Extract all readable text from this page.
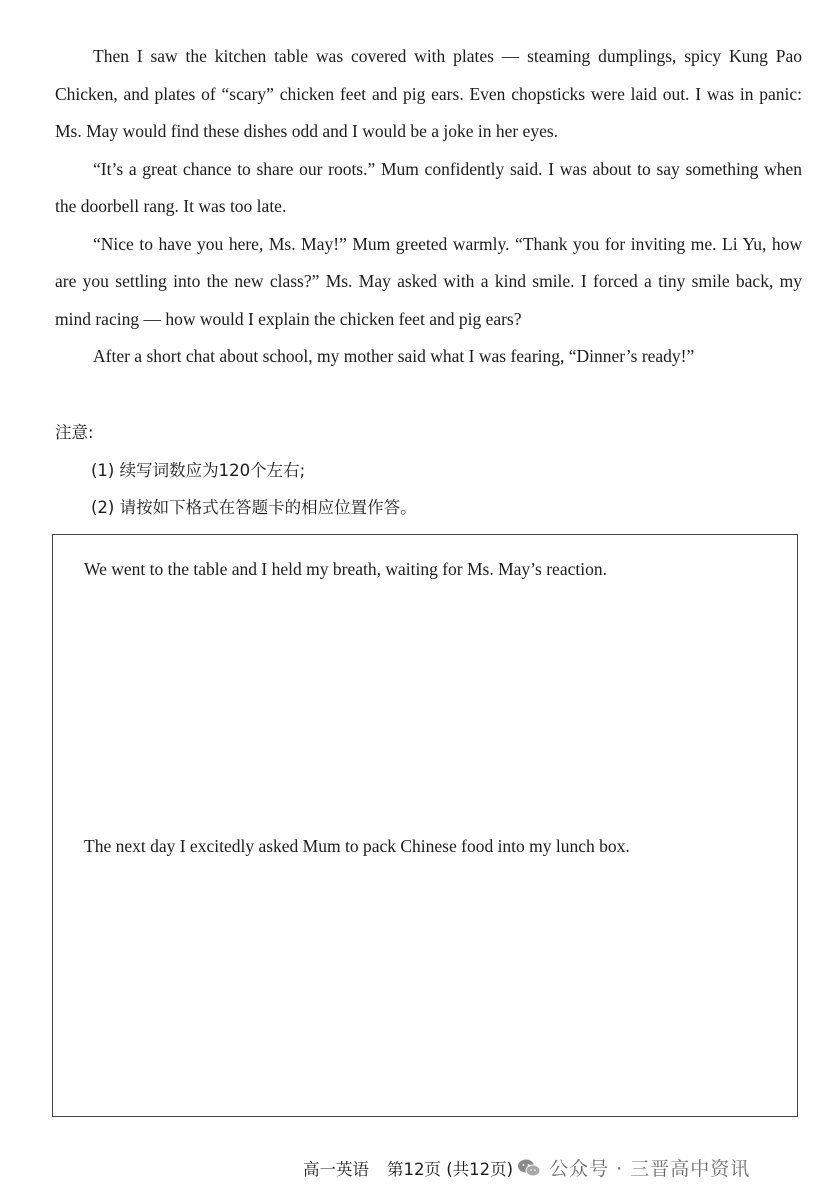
Then I saw the kitchen table was covered with plates — steaming dumplings, spicy Kung Pao Chicken, and plates of “scary” chicken feet and pig ears. Even chopsticks were laid out. I was in panic: Ms. May would find these dishes odd and I would be a joke in her eyes.

“It’s a great chance to share our roots.” Mum confidently said. I was about to say something when the doorbell rang. It was too late.

“Nice to have you here, Ms. May!” Mum greeted warmly. “Thank you for inviting me. Li Yu, how are you settling into the new class?” Ms. May asked with a kind smile. I forced a tiny smile back, my mind racing — how would I explain the chicken feet and pig ears?

After a short chat about school, my mother said what I was fearing, “Dinner’s ready!”

注意:

(1) 续写词数应为120个左右;

(2) 请按如下格式在答题卡的相应位置作答。

We went to the table and I held my breath, waiting for Ms. May’s reaction.

The next day I excitedly asked Mum to pack Chinese food into my lunch box.

高一英语 第12页 (共12页) 公众号 · 三晋高中资讯
